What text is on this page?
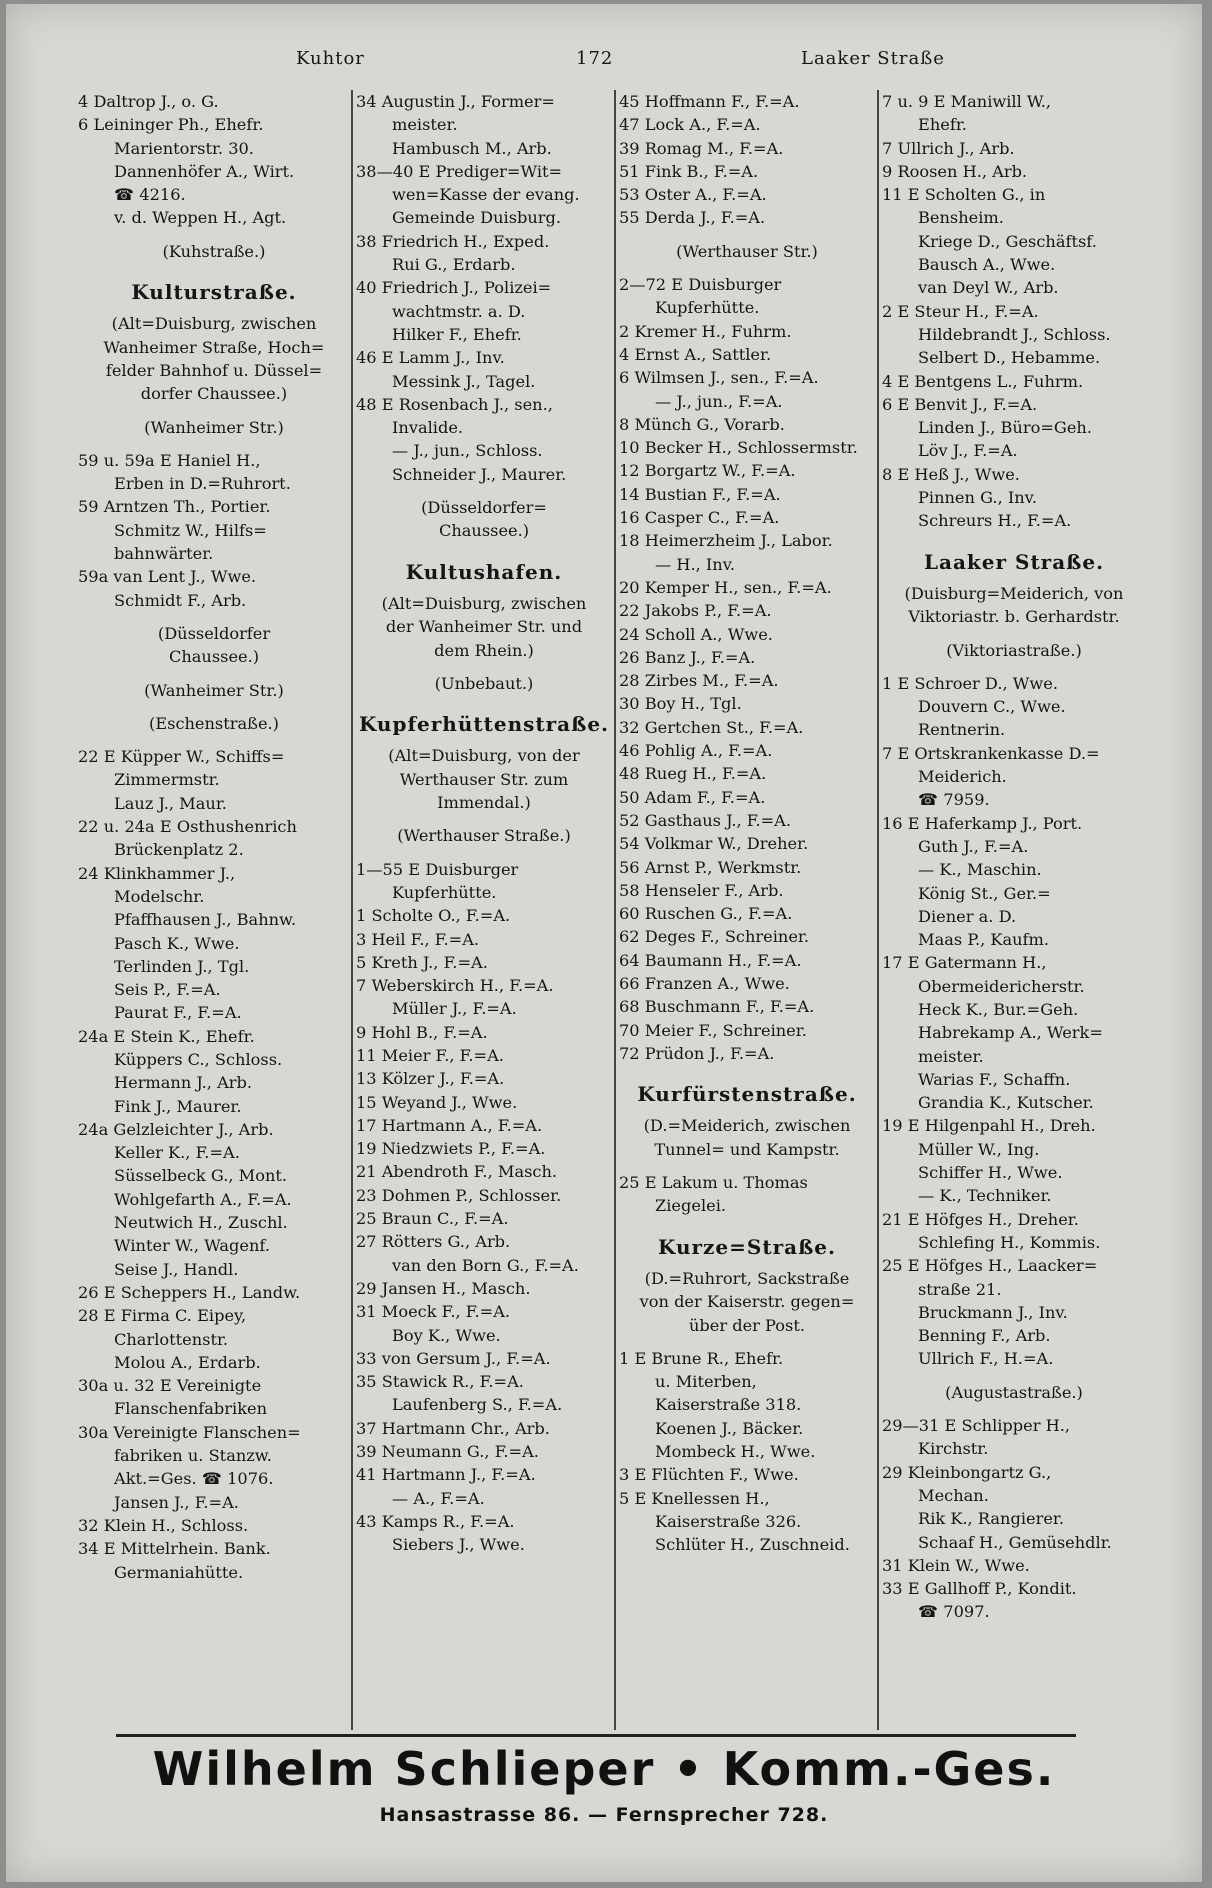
Kuhtor	172	Laaker Straße
4 Daltrop J., o. G.
6 Leininger Ph., Ehefr.
Marientorstr. 30.
Dannenhöfer A., Wirt.
☎ 4216.
v. d. Weppen H., Agt.

(Kuhstraße.)

Kulturstraße.
(Alt=Duisburg, zwischen
Wanheimer Straße, Hoch=
felder Bahnhof u. Düssel=
dorfer Chaussee.)

(Wanheimer Str.)

59 u. 59a E Haniel H.,
Erben in D.=Ruhrort.
59 Arntzen Th., Portier.
Schmitz W., Hilfs=
bahnwärter.
59a van Lent J., Wwe.
Schmidt F., Arb.

(Düsseldorfer
Chaussee.)

(Wanheimer Str.)

(Eschenstraße.)

22 E Küpper W., Schiffs=
Zimmermstr.
Lauz J., Maur.
22 u. 24a E Osthushenrich
Brückenplatz 2.
24 Klinkhammer J.,
Modelschr.
Pfaffhausen J., Bahnw.
Pasch K., Wwe.
Terlinden J., Tgl.
Seis P., F.=A.
Paurat F., F.=A.
24a E Stein K., Ehefr.
Küppers C., Schloss.
Hermann J., Arb.
Fink J., Maurer.
24a Gelzleichter J., Arb.
Keller K., F.=A.
Süsselbeck G., Mont.
Wohlgefarth A., F.=A.
Neutwich H., Zuschl.
Winter W., Wagenf.
Seise J., Handl.
26 E Scheppers H., Landw.
28 E Firma C. Eipey,
Charlottenstr.
Molou A., Erdarb.
30a u. 32 E Vereinigte
Flanschenfabriken
30a Vereinigte Flanschen=
fabriken u. Stanzw.
Akt.=Ges. ☎ 1076.
Jansen J., F.=A.
32 Klein H., Schloss.
34 E Mittelrhein. Bank.
Germaniahütte.
34 Augustin J., Former=
meister.
Hambusch M., Arb.
38—40 E Prediger=Wit=
wen=Kasse der evang.
Gemeinde Duisburg.
38 Friedrich H., Exped.
Rui G., Erdarb.
40 Friedrich J., Polizei=
wachtmstr. a. D.
Hilker F., Ehefr.
46 E Lamm J., Inv.
Messink J., Tagel.
48 E Rosenbach J., sen.,
Invalide.
— J., jun., Schloss.
Schneider J., Maurer.

(Düsseldorfer=
Chaussee.)

Kultushafen.
(Alt=Duisburg, zwischen
der Wanheimer Str. und
dem Rhein.)

(Unbebaut.)

Kupferhüttenstraße.
(Alt=Duisburg, von der
Werthauser Str. zum
Immendal.)

(Werthauser Straße.)

1—55 E Duisburger
Kupferhütte.
1 Scholte O., F.=A.
3 Heil F., F.=A.
5 Kreth J., F.=A.
7 Weberskirch H., F.=A.
Müller J., F.=A.
9 Hohl B., F.=A.
11 Meier F., F.=A.
13 Kölzer J., F.=A.
15 Weyand J., Wwe.
17 Hartmann A., F.=A.
19 Niedzwiets P., F.=A.
21 Abendroth F., Masch.
23 Dohmen P., Schlosser.
25 Braun C., F.=A.
27 Rötters G., Arb.
van den Born G., F.=A.
29 Jansen H., Masch.
31 Moeck F., F.=A.
Boy K., Wwe.
33 von Gersum J., F.=A.
35 Stawick R., F.=A.
Laufenberg S., F.=A.
37 Hartmann Chr., Arb.
39 Neumann G., F.=A.
41 Hartmann J., F.=A.
— A., F.=A.
43 Kamps R., F.=A.
Siebers J., Wwe.
45 Hoffmann F., F.=A.
47 Lock A., F.=A.
39 Romag M., F.=A.
51 Fink B., F.=A.
53 Oster A., F.=A.
55 Derda J., F.=A.

(Werthauser Str.)

2—72 E Duisburger
Kupferhütte.
2 Kremer H., Fuhrm.
4 Ernst A., Sattler.
6 Wilmsen J., sen., F.=A.
— J., jun., F.=A.
8 Münch G., Vorarb.
10 Becker H., Schlossermstr.
12 Borgartz W., F.=A.
14 Bustian F., F.=A.
16 Casper C., F.=A.
18 Heimerzheim J., Labor.
— H., Inv.
20 Kemper H., sen., F.=A.
22 Jakobs P., F.=A.
24 Scholl A., Wwe.
26 Banz J., F.=A.
28 Zirbes M., F.=A.
30 Boy H., Tgl.
32 Gertchen St., F.=A.
46 Pohlig A., F.=A.
48 Rueg H., F.=A.
50 Adam F., F.=A.
52 Gasthaus J., F.=A.
54 Volkmar W., Dreher.
56 Arnst P., Werkmstr.
58 Henseler F., Arb.
60 Ruschen G., F.=A.
62 Deges F., Schreiner.
64 Baumann H., F.=A.
66 Franzen A., Wwe.
68 Buschmann F., F.=A.
70 Meier F., Schreiner.
72 Prüdon J., F.=A.

Kurfürstenstraße.
(D.=Meiderich, zwischen
Tunnel= und Kampstr.

25 E Lakum u. Thomas
Ziegelei.

Kurze=Straße.
(D.=Ruhrort, Sackstraße
von der Kaiserstr. gegen=
über der Post.

1 E Brune R., Ehefr.
u. Miterben,
Kaiserstraße 318.
Koenen J., Bäcker.
Mombeck H., Wwe.
3 E Flüchten F., Wwe.
5 E Knellessen H.,
Kaiserstraße 326.
Schlüter H., Zuschneid.
7 u. 9 E Maniwill W.,
Ehefr.
7 Ullrich J., Arb.
9 Roosen H., Arb.
11 E Scholten G., in
Bensheim.
Kriege D., Geschäftsf.
Bausch A., Wwe.
van Deyl W., Arb.
2 E Steur H., F.=A.
Hildebrandt J., Schloss.
Selbert D., Hebamme.
4 E Bentgens L., Fuhrm.
6 E Benvit J., F.=A.
Linden J., Büro=Geh.
Löv J., F.=A.
8 E Heß J., Wwe.
Pinnen G., Inv.
Schreurs H., F.=A.

Laaker Straße.
(Duisburg=Meiderich, von
Viktoriastr. b. Gerhardstr.

(Viktoriastraße.)

1 E Schroer D., Wwe.
Douvern C., Wwe.
Rentnerin.
7 E Ortskrankenkasse D.=
Meiderich.
☎ 7959.
16 E Haferkamp J., Port.
Guth J., F.=A.
— K., Maschin.
König St., Ger.=
Diener a. D.
Maas P., Kaufm.
17 E Gatermann H.,
Obermeidericherstr.
Heck K., Bur.=Geh.
Habrekamp A., Werk=
meister.
Warias F., Schaffn.
Grandia K., Kutscher.
19 E Hilgenpahl H., Dreh.
Müller W., Ing.
Schiffer H., Wwe.
— K., Techniker.
21 E Höfges H., Dreher.
Schlefing H., Kommis.
25 E Höfges H., Laacker=
straße 21.
Bruckmann J., Inv.
Benning F., Arb.
Ullrich F., H.=A.

(Augustastraße.)

29—31 E Schlipper H.,
Kirchstr.
29 Kleinbongartz G.,
Mechan.
Rik K., Rangierer.
Schaaf H., Gemüsehdlr.
31 Klein W., Wwe.
33 E Gallhoff P., Kondit.
☎ 7097.
Wilhelm Schlieper • Komm.-Ges.
Hansastrasse 86. — Fernsprecher 728.
